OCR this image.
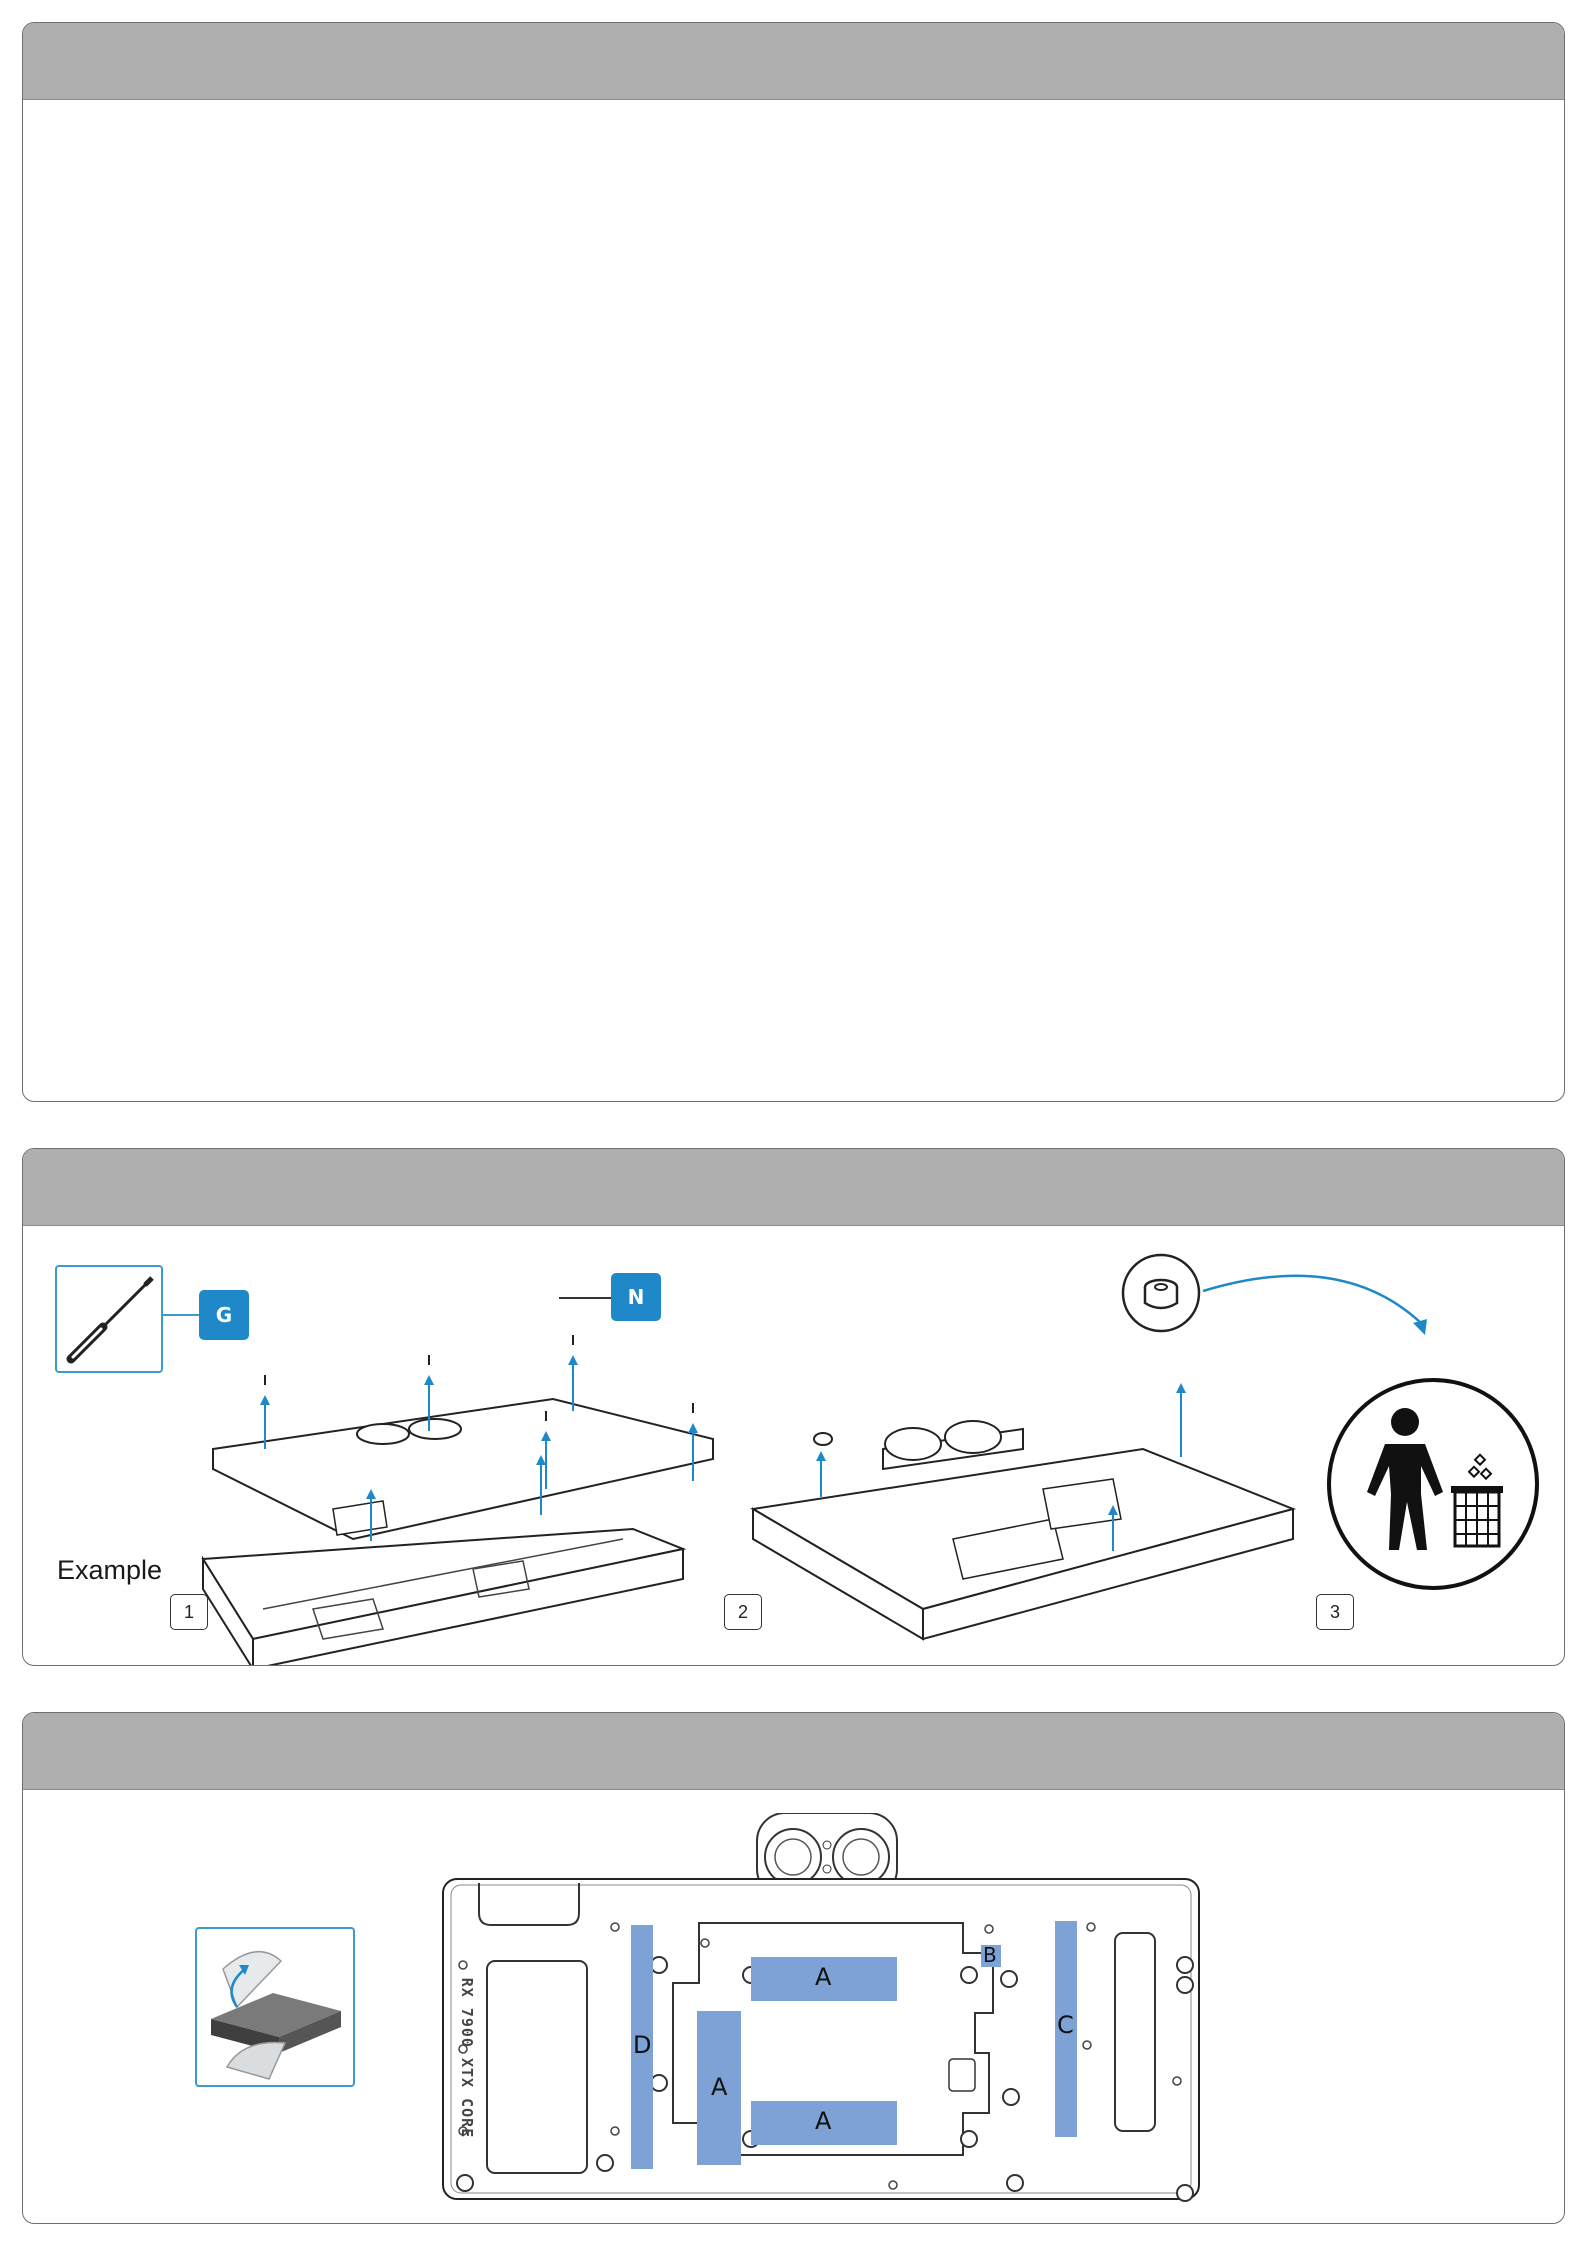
G
N
Example
1	2	3
RX 7900 XTX CORE	D
A
A
A
B
C
